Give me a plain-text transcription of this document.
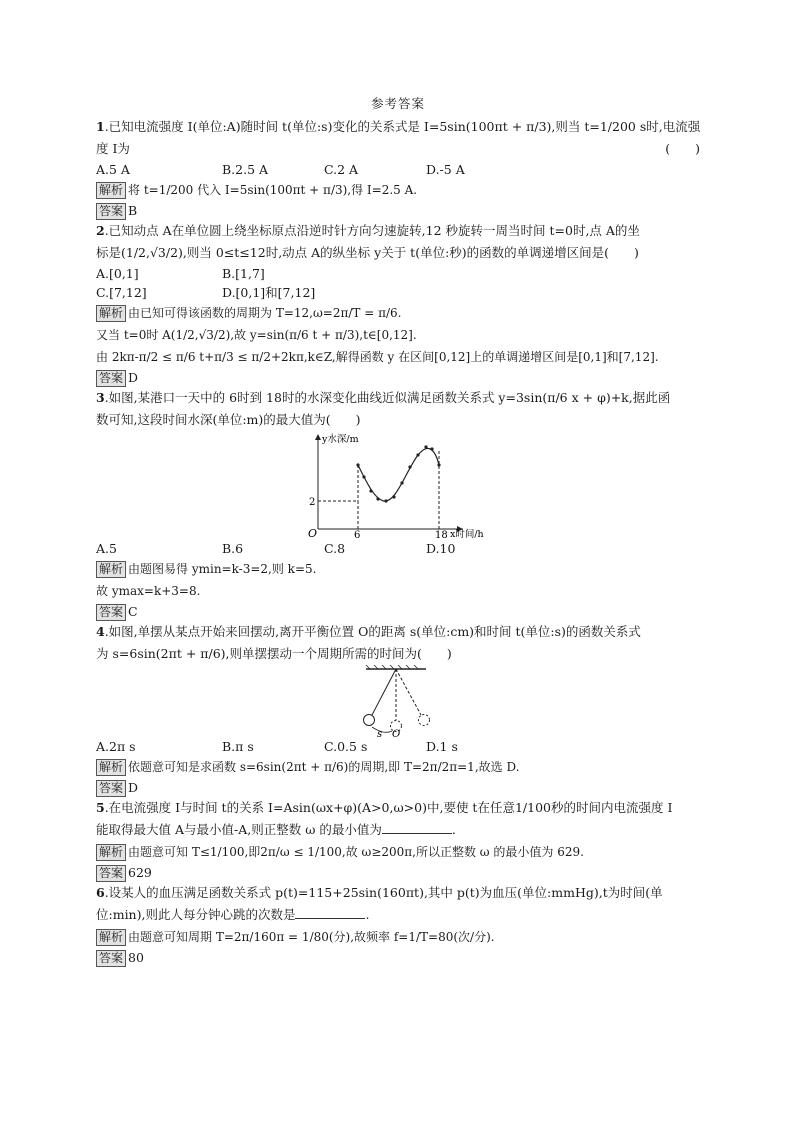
参考答案
1.已知电流强度 I(单位:A)随时间 t(单位:s)变化的关系式是 I=5sin(100πt + π/3),则当 t=1/200 s时,电流强
度 I为	(　　)
A.5 A	B.2.5 A	C.2 A	D.-5 A
解析 将 t=1/200 代入 I=5sin(100πt + π/3),得 I=2.5 A.
答案 B
2.已知动点 A在单位圆上绕坐标原点沿逆时针方向匀速旋转,12 秒旋转一周当时间 t=0时,点 A的坐
标是(1/2,√3/2),则当 0≤t≤12时,动点 A的纵坐标 y关于 t(单位:秒)的函数的单调递增区间是(　　)
A.[0,1]	B.[1,7]
C.[7,12]	D.[0,1]和[7,12]
解析 由已知可得该函数的周期为 T=12,ω=2π/T = π/6.
又当 t=0时 A(1/2,√3/2),故 y=sin(π/6 t + π/3),t∈[0,12].
由 2kπ-π/2 ≤ π/6 t+π/3 ≤ π/2+2kπ,k∈Z,解得函数 y 在区间[0,12]上的单调递增区间是[0,1]和[7,12].
答案 D
3.如图,某港口一天中的 6时到 18时的水深变化曲线近似满足函数关系式 y=3sin(π/6 x + φ)+k,据此函
数可知,这段时间水深(单位:m)的最大值为(　　)
y水深/m
x时间/h
O	6	18
2
A.5	B.6	C.8	D.10
解析 由题图易得 ymin=k-3=2,则 k=5.
故 ymax=k+3=8.
答案 C
4.如图,单摆从某点开始来回摆动,离开平衡位置 O的距离 s(单位:cm)和时间 t(单位:s)的函数关系式
为 s=6sin(2πt + π/6),则单摆摆动一个周期所需的时间为(　　)
s O
A.2π s	B.π s	C.0.5 s	D.1 s
解析 依题意可知是求函数 s=6sin(2πt + π/6)的周期,即 T=2π/2π=1,故选 D.
答案 D
5.在电流强度 I与时间 t的关系 I=Asin(ωx+φ)(A>0,ω>0)中,要使 t在任意1/100秒的时间内电流强度 I
能取得最大值 A与最小值-A,则正整数 ω 的最小值为	.
解析 由题意可知 T≤1/100,即2π/ω ≤ 1/100,故 ω≥200π,所以正整数 ω 的最小值为 629.
答案 629
6.设某人的血压满足函数关系式 p(t)=115+25sin(160πt),其中 p(t)为血压(单位:mmHg),t为时间(单
位:min),则此人每分钟心跳的次数是	.
解析 由题意可知周期 T=2π/160π = 1/80(分),故频率 f=1/T=80(次/分).
答案 80
